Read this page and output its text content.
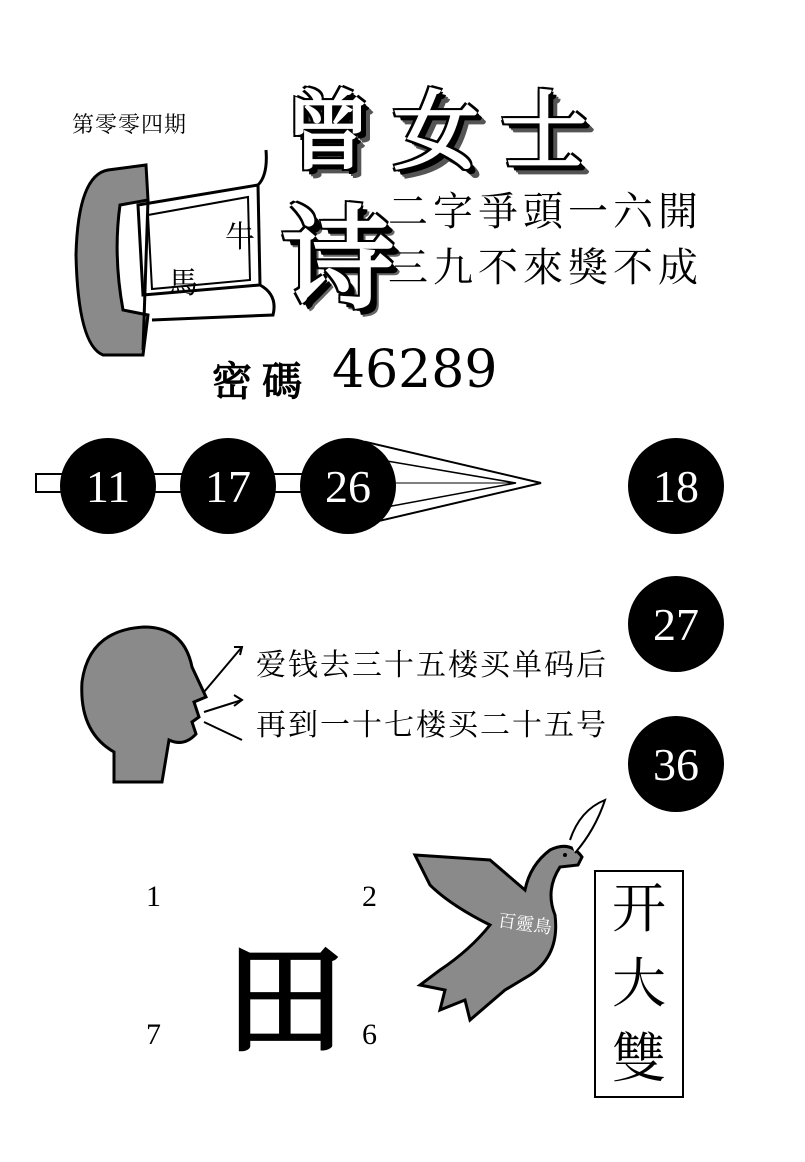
第零零四期 曾女士
牛
馬 诗
二字爭頭一六開
三九不來獎不成
密碼 46289
11	17	26	18
27
36
爱钱去三十五楼买单码后
再到一十七楼买二十五号
1	2
7	6
田
百靈鳥 开
大
雙
